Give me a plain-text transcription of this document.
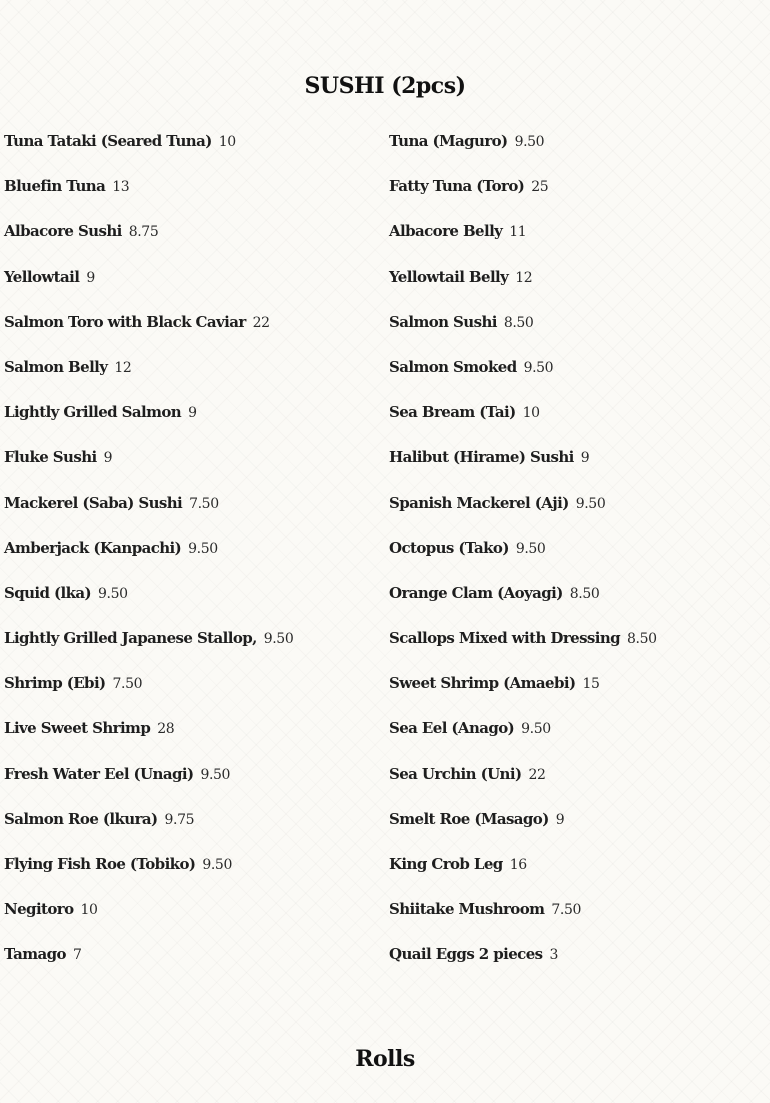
SUSHI (2pcs)
Tuna Tataki (Seared Tuna) 10
Bluefin Tuna 13
Albacore Sushi 8.75
Yellowtail 9
Salmon Toro with Black Caviar 22
Salmon Belly 12
Lightly Grilled Salmon 9
Fluke Sushi 9
Mackerel (Saba) Sushi 7.50
Amberjack (Kanpachi) 9.50
Squid (lka) 9.50
Lightly Grilled Japanese Stallop, 9.50
Shrimp (Ebi) 7.50
Live Sweet Shrimp 28
Fresh Water Eel (Unagi) 9.50
Salmon Roe (lkura) 9.75
Flying Fish Roe (Tobiko) 9.50
Negitoro 10
Tamago 7
Tuna (Maguro) 9.50
Fatty Tuna (Toro) 25
Albacore Belly 11
Yellowtail Belly 12
Salmon Sushi 8.50
Salmon Smoked 9.50
Sea Bream (Tai) 10
Halibut (Hirame) Sushi 9
Spanish Mackerel (Aji) 9.50
Octopus (Tako) 9.50
Orange Clam (Aoyagi) 8.50
Scallops Mixed with Dressing 8.50
Sweet Shrimp (Amaebi) 15
Sea Eel (Anago) 9.50
Sea Urchin (Uni) 22
Smelt Roe (Masago) 9
King Crob Leg 16
Shiitake Mushroom 7.50
Quail Eggs 2 pieces 3
Rolls
